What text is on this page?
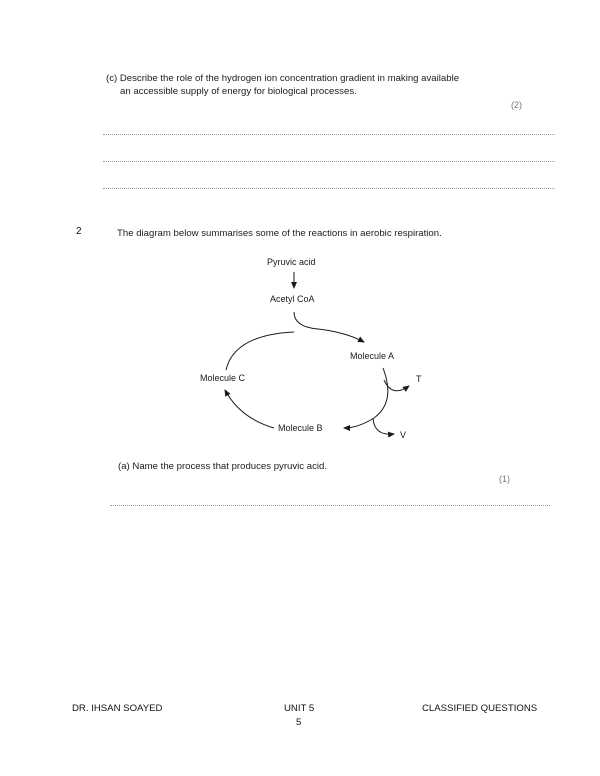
(c) Describe the role of the hydrogen ion concentration gradient in making available
an accessible supply of energy for biological processes.
(2)
2	The diagram below summarises some of the reactions in aerobic respiration.
Pyruvic acid
Acetyl CoA
Molecule A
Molecule B
Molecule C	T
V
(a) Name the process that produces pyruvic acid.
(1)
DR. IHSAN SOAYED	UNIT 5
5
CLASSIFIED QUESTIONS
